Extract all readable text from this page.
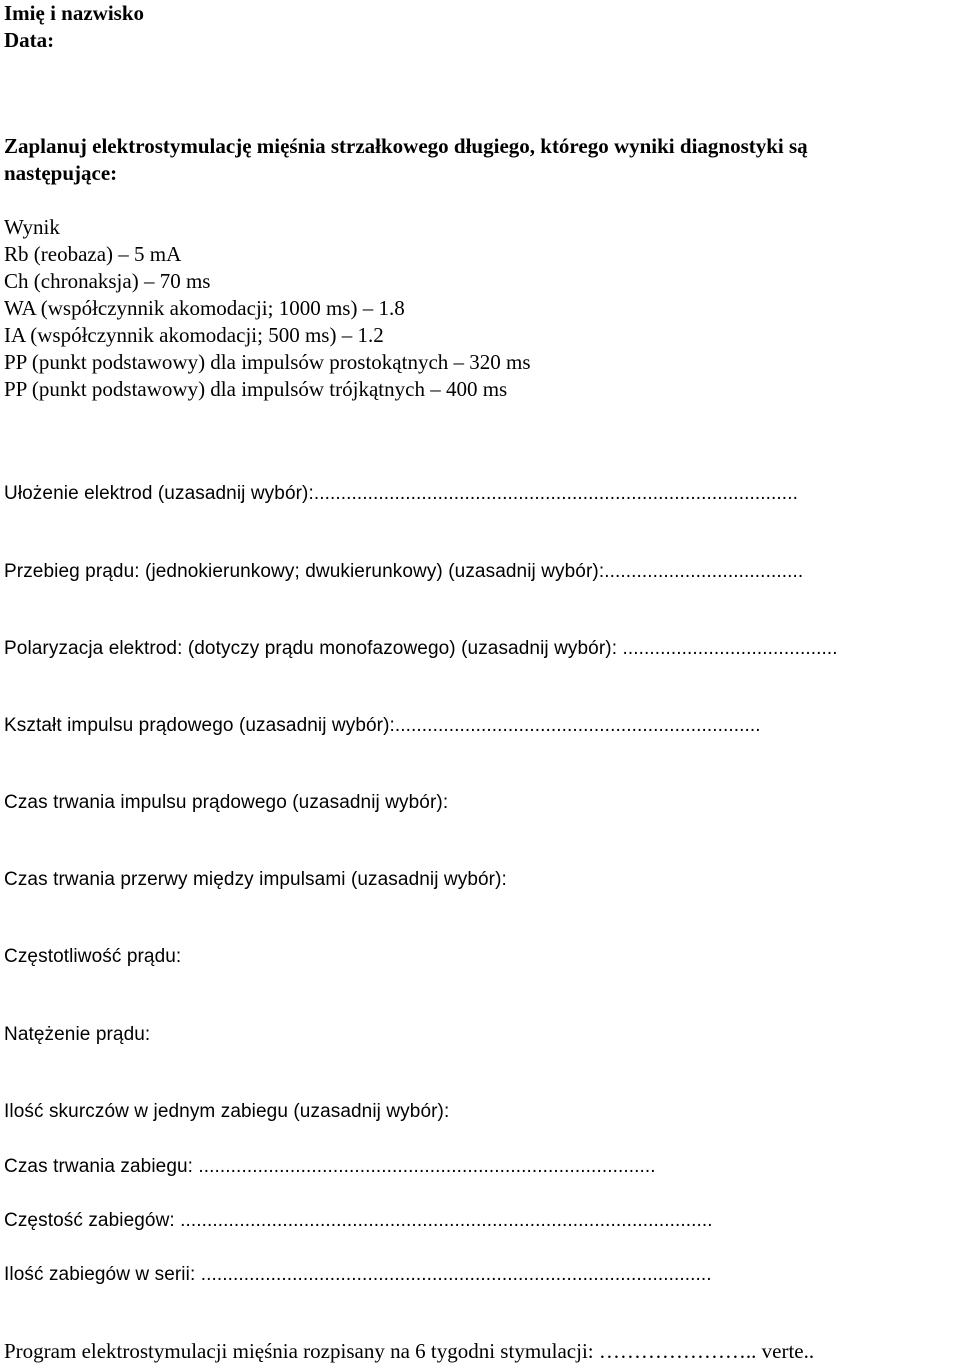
Imię i nazwisko
Data:
Zaplanuj elektrostymulację mięśnia strzałkowego długiego, którego wyniki diagnostyki są
następujące:
Wynik
Rb (reobaza) – 5 mA
Ch (chronaksja) – 70 ms
WA (współczynnik akomodacji; 1000 ms) – 1.8
IA (współczynnik akomodacji; 500 ms) – 1.2
PP (punkt podstawowy) dla impulsów prostokątnych – 320 ms
PP (punkt podstawowy) dla impulsów trójkątnych – 400 ms
Ułożenie elektrod (uzasadnij wybór):..........................................................................................
Przebieg prądu: (jednokierunkowy; dwukierunkowy) (uzasadnij wybór):.....................................
Polaryzacja elektrod: (dotyczy prądu monofazowego) (uzasadnij wybór): ........................................
Kształt impulsu prądowego (uzasadnij wybór):....................................................................
Czas trwania impulsu prądowego (uzasadnij wybór):
Czas trwania przerwy między impulsami (uzasadnij wybór):
Częstotliwość prądu:
Natężenie prądu:
Ilość skurczów w jednym zabiegu (uzasadnij wybór):
Czas trwania zabiegu: .....................................................................................
Częstość zabiegów: ...................................................................................................
Ilość zabiegów w serii: ...............................................................................................
Program elektrostymulacji mięśnia rozpisany na 6 tygodni stymulacji: ………………….. verte..
